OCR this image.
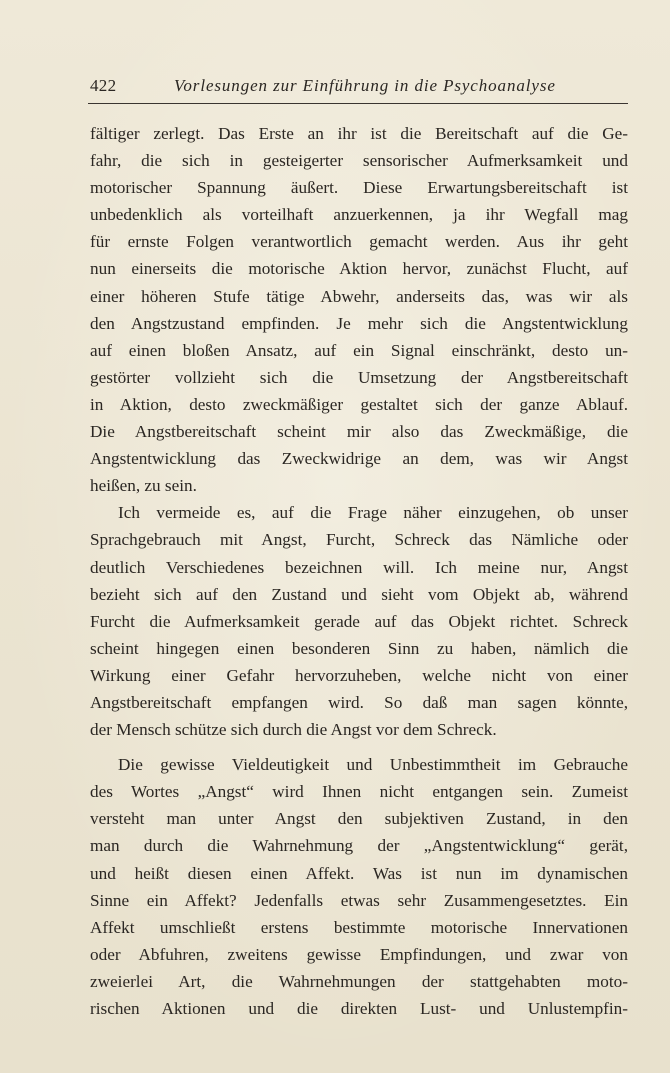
422	Vorlesungen zur Einführung in die Psychoanalyse
fältiger zerlegt. Das Erste an ihr ist die Bereitschaft auf die Ge-
fahr, die sich in gesteigerter sensorischer Aufmerksamkeit und
motorischer Spannung äußert. Diese Erwartungsbereitschaft ist
unbedenklich als vorteilhaft anzuerkennen, ja ihr Wegfall mag
für ernste Folgen verantwortlich gemacht werden. Aus ihr geht
nun einerseits die motorische Aktion hervor, zunächst Flucht, auf
einer höheren Stufe tätige Abwehr, anderseits das, was wir als
den Angstzustand empfinden. Je mehr sich die Angstentwicklung
auf einen bloßen Ansatz, auf ein Signal einschränkt, desto un-
gestörter vollzieht sich die Umsetzung der Angstbereitschaft
in Aktion, desto zweckmäßiger gestaltet sich der ganze Ablauf.
Die Angstbereitschaft scheint mir also das Zweckmäßige, die
Angstentwicklung das Zweckwidrige an dem, was wir Angst
heißen, zu sein.
Ich vermeide es, auf die Frage näher einzugehen, ob unser
Sprachgebrauch mit Angst, Furcht, Schreck das Nämliche oder
deutlich Verschiedenes bezeichnen will. Ich meine nur, Angst
bezieht sich auf den Zustand und sieht vom Objekt ab, während
Furcht die Aufmerksamkeit gerade auf das Objekt richtet. Schreck
scheint hingegen einen besonderen Sinn zu haben, nämlich die
Wirkung einer Gefahr hervorzuheben, welche nicht von einer
Angstbereitschaft empfangen wird. So daß man sagen könnte,
der Mensch schütze sich durch die Angst vor dem Schreck.
Die gewisse Vieldeutigkeit und Unbestimmtheit im Gebrauche
des Wortes „Angst“ wird Ihnen nicht entgangen sein. Zumeist
versteht man unter Angst den subjektiven Zustand, in den
man durch die Wahrnehmung der „Angstentwicklung“ gerät,
und heißt diesen einen Affekt. Was ist nun im dynamischen
Sinne ein Affekt? Jedenfalls etwas sehr Zusammengesetztes. Ein
Affekt umschließt erstens bestimmte motorische Innervationen
oder Abfuhren, zweitens gewisse Empfindungen, und zwar von
zweierlei Art, die Wahrnehmungen der stattgehabten moto-
rischen Aktionen und die direkten Lust- und Unlustempfin-
